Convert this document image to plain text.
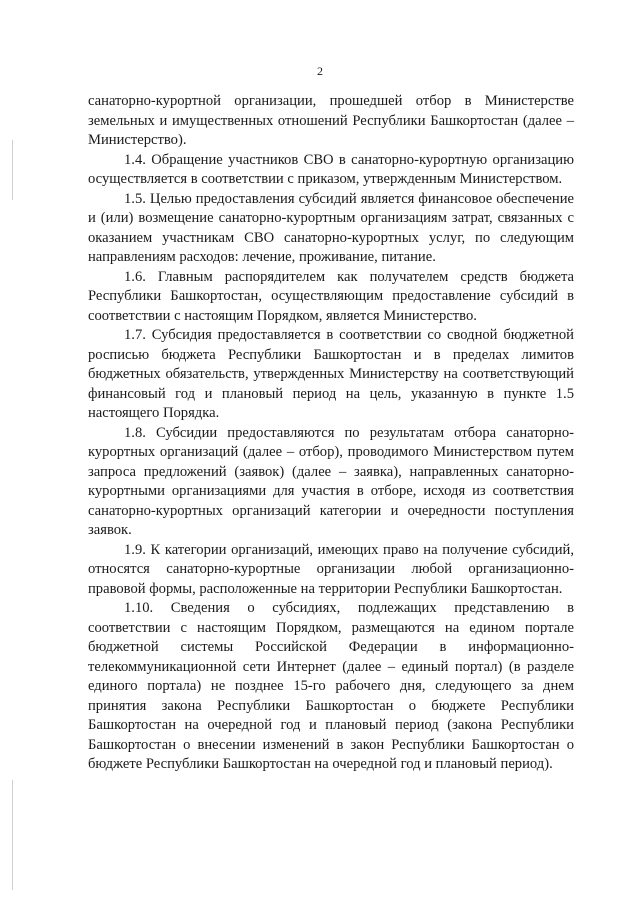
2

санаторно-курортной организации, прошедшей отбор в Министерстве земельных и имущественных отношений Республики Башкортостан (далее – Министерство).

1.4. Обращение участников СВО в санаторно-курортную организацию осуществляется в соответствии с приказом, утвержденным Министерством.

1.5. Целью предоставления субсидий является финансовое обеспечение и (или) возмещение санаторно-курортным организациям затрат, связанных с оказанием участникам СВО санаторно-курортных услуг, по следующим направлениям расходов: лечение, проживание, питание.

1.6. Главным распорядителем как получателем средств бюджета Республики Башкортостан, осуществляющим предоставление субсидий в соответствии с настоящим Порядком, является Министерство.

1.7. Субсидия предоставляется в соответствии со сводной бюджетной росписью бюджета Республики Башкортостан и в пределах лимитов бюджетных обязательств, утвержденных Министерству на соответствующий финансовый год и плановый период на цель, указанную в пункте 1.5 настоящего Порядка.

1.8. Субсидии предоставляются по результатам отбора санаторно-курортных организаций (далее – отбор), проводимого Министерством путем запроса предложений (заявок) (далее – заявка), направленных санаторно-курортными организациями для участия в отборе, исходя из соответствия санаторно-курортных организаций категории и очередности поступления заявок.

1.9. К категории организаций, имеющих право на получение субсидий, относятся санаторно-курортные организации любой организационно-правовой формы, расположенные на территории Республики Башкортостан.

1.10. Сведения о субсидиях, подлежащих представлению в соответствии с настоящим Порядком, размещаются на едином портале бюджетной системы Российской Федерации в информационно-телекоммуникационной сети Интернет (далее – единый портал) (в разделе единого портала) не позднее 15-го рабочего дня, следующего за днем принятия закона Республики Башкортостан о бюджете Республики Башкортостан на очередной год и плановый период (закона Республики Башкортостан о внесении изменений в закон Республики Башкортостан о бюджете Республики Башкортостан на очередной год и плановый период).
